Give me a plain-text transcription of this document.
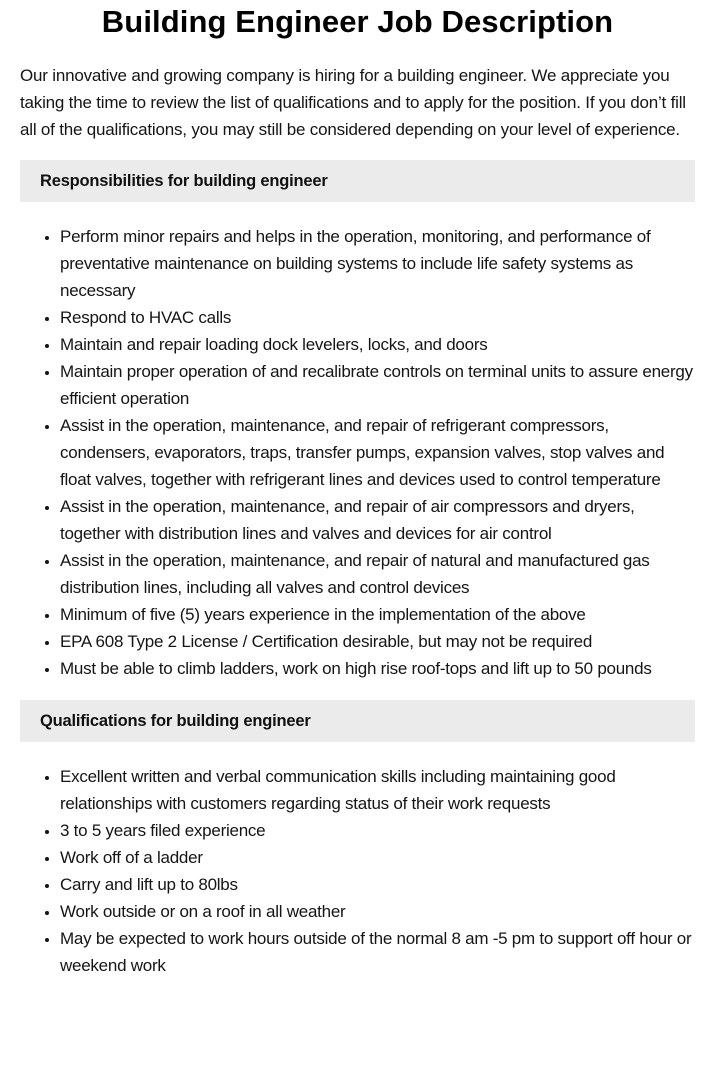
Building Engineer Job Description

Our innovative and growing company is hiring for a building engineer. We appreciate you taking the time to review the list of qualifications and to apply for the position. If you don’t fill all of the qualifications, you may still be considered depending on your level of experience.

Responsibilities for building engineer
• Perform minor repairs and helps in the operation, monitoring, and performance of preventative maintenance on building systems to include life safety systems as necessary
• Respond to HVAC calls
• Maintain and repair loading dock levelers, locks, and doors
• Maintain proper operation of and recalibrate controls on terminal units to assure energy efficient operation
• Assist in the operation, maintenance, and repair of refrigerant compressors, condensers, evaporators, traps, transfer pumps, expansion valves, stop valves and float valves, together with refrigerant lines and devices used to control temperature
• Assist in the operation, maintenance, and repair of air compressors and dryers, together with distribution lines and valves and devices for air control
• Assist in the operation, maintenance, and repair of natural and manufactured gas distribution lines, including all valves and control devices
• Minimum of five (5) years experience in the implementation of the above
• EPA 608 Type 2 License / Certification desirable, but may not be required
• Must be able to climb ladders, work on high rise roof-tops and lift up to 50 pounds
Qualifications for building engineer
• Excellent written and verbal communication skills including maintaining good relationships with customers regarding status of their work requests
• 3 to 5 years filed experience
• Work off of a ladder
• Carry and lift up to 80lbs
• Work outside or on a roof in all weather
• May be expected to work hours outside of the normal 8 am -5 pm to support off hour or weekend work
